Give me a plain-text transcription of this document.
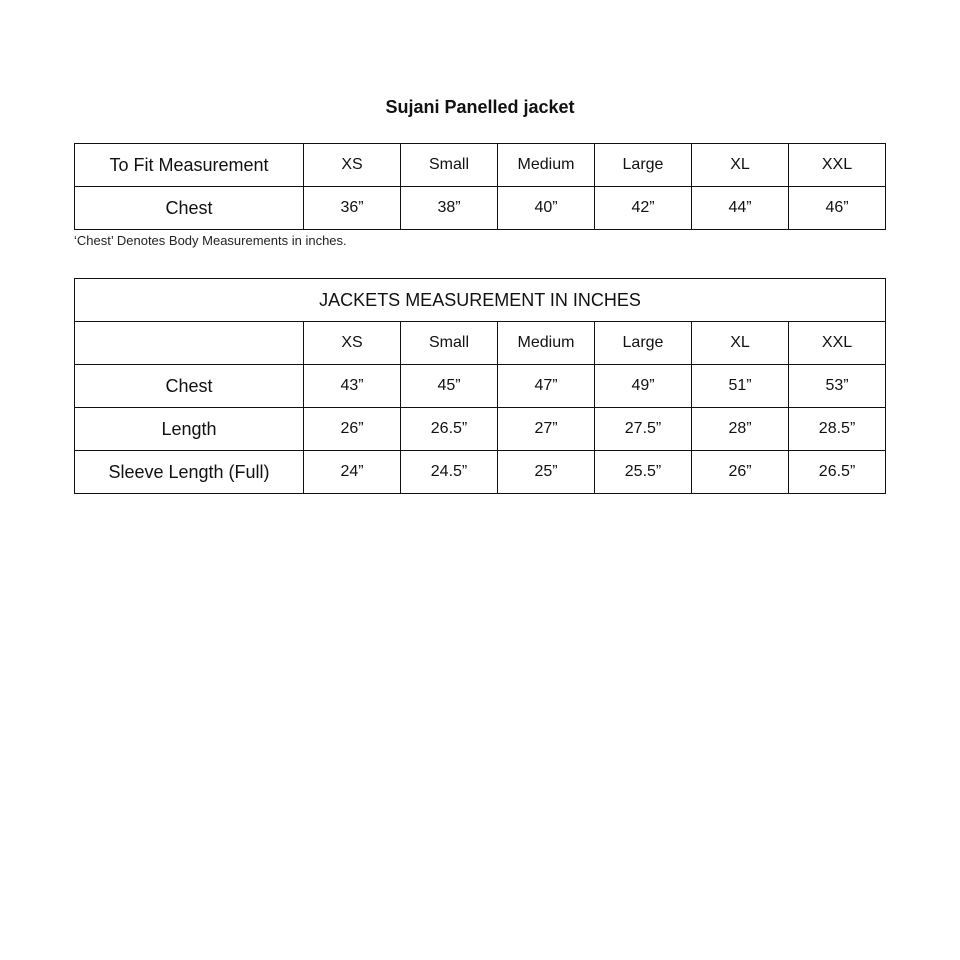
Sujani Panelled jacket
To Fit Measurement	XS	Small	Medium	Large	XL	XXL
Chest	36”	38”	40”	42”	44”	46”
‘Chest’ Denotes Body Measurements in inches.
JACKETS MEASUREMENT IN INCHES						
	XS	Small	Medium	Large	XL	XXL
Chest	43”	45”	47”	49”	51”	53”
Length	26”	26.5”	27”	27.5”	28”	28.5”
Sleeve Length (Full)	24”	24.5”	25”	25.5”	26”	26.5”
